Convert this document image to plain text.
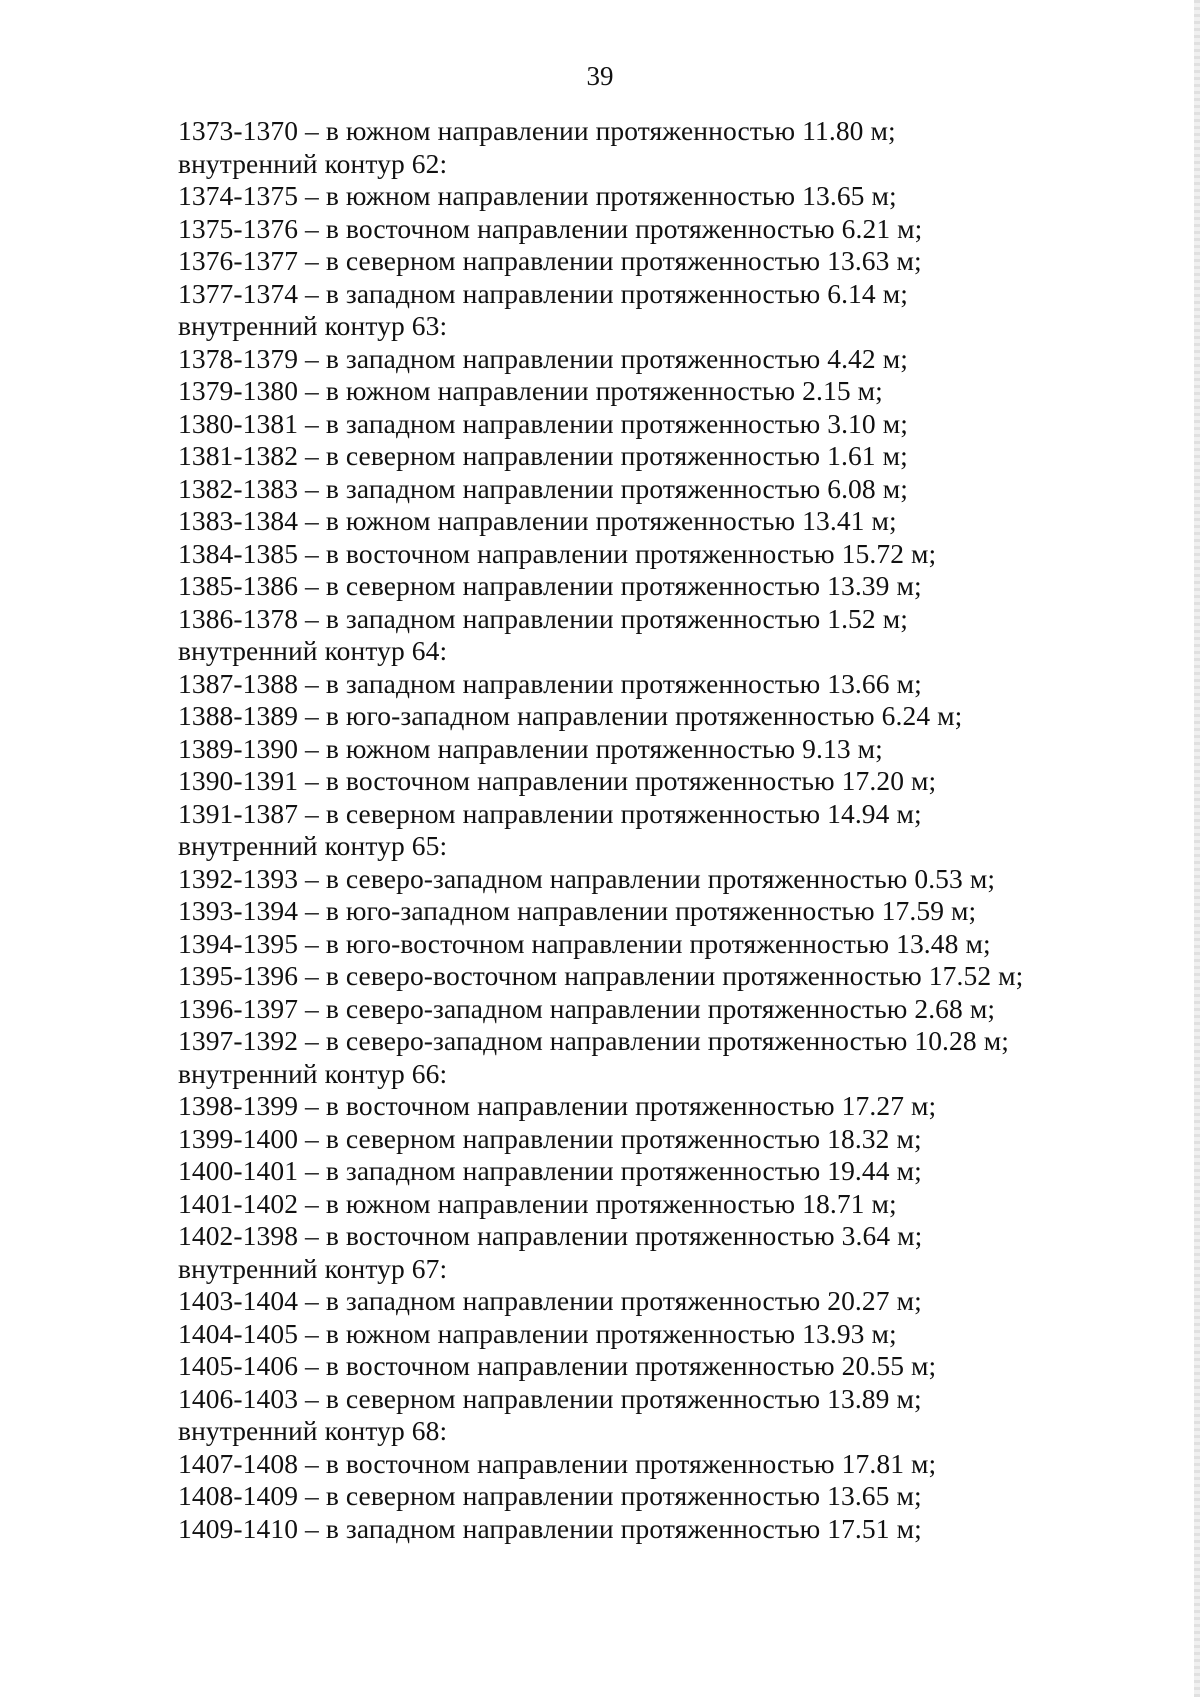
39
1373-1370 – в южном направлении протяженностью 11.80 м;
внутренний контур 62:
1374-1375 – в южном направлении протяженностью 13.65 м;
1375-1376 – в восточном направлении протяженностью 6.21 м;
1376-1377 – в северном направлении протяженностью 13.63 м;
1377-1374 – в западном направлении протяженностью 6.14 м;
внутренний контур 63:
1378-1379 – в западном направлении протяженностью 4.42 м;
1379-1380 – в южном направлении протяженностью 2.15 м;
1380-1381 – в западном направлении протяженностью 3.10 м;
1381-1382 – в северном направлении протяженностью 1.61 м;
1382-1383 – в западном направлении протяженностью 6.08 м;
1383-1384 – в южном направлении протяженностью 13.41 м;
1384-1385 – в восточном направлении протяженностью 15.72 м;
1385-1386 – в северном направлении протяженностью 13.39 м;
1386-1378 – в западном направлении протяженностью 1.52 м;
внутренний контур 64:
1387-1388 – в западном направлении протяженностью 13.66 м;
1388-1389 – в юго-западном направлении протяженностью 6.24 м;
1389-1390 – в южном направлении протяженностью 9.13 м;
1390-1391 – в восточном направлении протяженностью 17.20 м;
1391-1387 – в северном направлении протяженностью 14.94 м;
внутренний контур 65:
1392-1393 – в северо-западном направлении протяженностью 0.53 м;
1393-1394 – в юго-западном направлении протяженностью 17.59 м;
1394-1395 – в юго-восточном направлении протяженностью 13.48 м;
1395-1396 – в северо-восточном направлении протяженностью 17.52 м;
1396-1397 – в северо-западном направлении протяженностью 2.68 м;
1397-1392 – в северо-западном направлении протяженностью 10.28 м;
внутренний контур 66:
1398-1399 – в восточном направлении протяженностью 17.27 м;
1399-1400 – в северном направлении протяженностью 18.32 м;
1400-1401 – в западном направлении протяженностью 19.44 м;
1401-1402 – в южном направлении протяженностью 18.71 м;
1402-1398 – в восточном направлении протяженностью 3.64 м;
внутренний контур 67:
1403-1404 – в западном направлении протяженностью 20.27 м;
1404-1405 – в южном направлении протяженностью 13.93 м;
1405-1406 – в восточном направлении протяженностью 20.55 м;
1406-1403 – в северном направлении протяженностью 13.89 м;
внутренний контур 68:
1407-1408 – в восточном направлении протяженностью 17.81 м;
1408-1409 – в северном направлении протяженностью 13.65 м;
1409-1410 – в западном направлении протяженностью 17.51 м;
